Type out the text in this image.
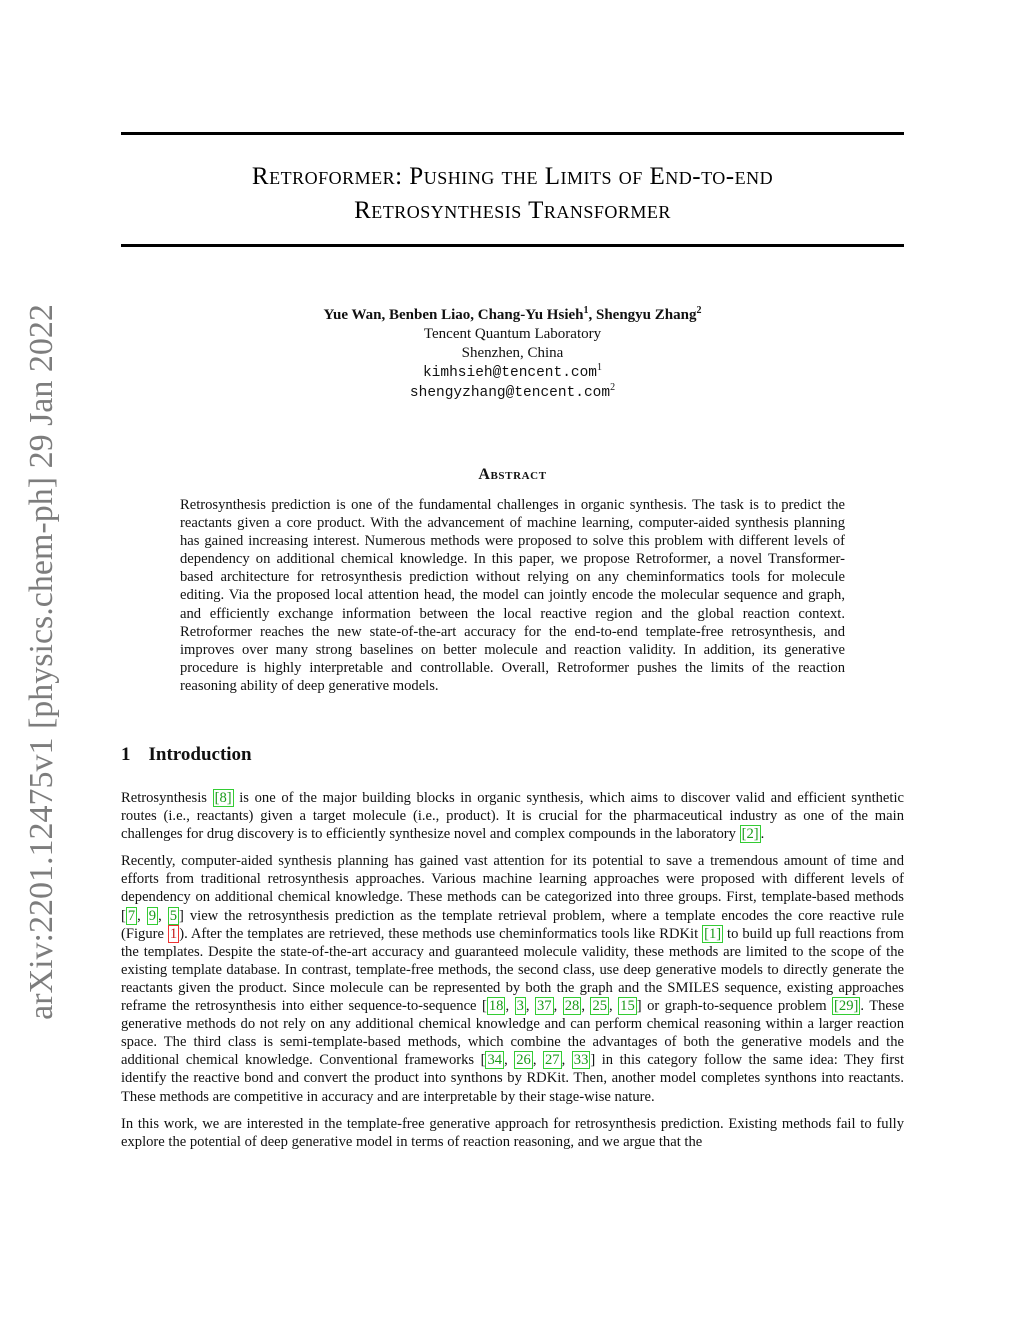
arXiv:2201.12475v1 [physics.chem-ph] 29 Jan 2022
Retroformer: Pushing the Limits of End-to-end
Retrosynthesis Transformer
Yue Wan, Benben Liao, Chang-Yu Hsieh$^1$, Shengyu Zhang$^2$
Tencent Quantum Laboratory
Shenzhen, China
kimhsieh@tencent.com$^1$
shengyzhang@tencent.com$^2$
Abstract
Retrosynthesis prediction is one of the fundamental challenges in organic synthesis. The task is to predict the reactants given a core product. With the advancement of machine learning, computer-aided synthesis planning has gained increasing interest. Numerous methods were proposed to solve this problem with different levels of dependency on additional chemical knowledge. In this paper, we propose Retroformer, a novel Transformer-based architecture for retrosynthesis prediction without relying on any cheminformatics tools for molecule editing. Via the proposed local attention head, the model can jointly encode the molecular sequence and graph, and efficiently exchange information between the local reactive region and the global reaction context. Retroformer reaches the new state-of-the-art accuracy for the end-to-end template-free retrosynthesis, and improves over many strong baselines on better molecule and reaction validity. In addition, its generative procedure is highly interpretable and controllable. Overall, Retroformer pushes the limits of the reaction reasoning ability of deep generative models.
1 Introduction

Retrosynthesis [8] is one of the major building blocks in organic synthesis, which aims to discover valid and efficient synthetic routes (i.e., reactants) given a target molecule (i.e., product). It is crucial for the pharmaceutical industry as one of the main challenges for drug discovery is to efficiently synthesize novel and complex compounds in the laboratory [2] .

Recently, computer-aided synthesis planning has gained vast attention for its potential to save a tremendous amount of time and efforts from traditional retrosynthesis approaches. Various machine learning approaches were proposed with different levels of dependency on additional chemical knowledge. These methods can be categorized into three groups. First, template-based methods [ 7 , 9 , 5 ] view the retrosynthesis prediction as the template retrieval problem, where a template encodes the core reactive rule (Figure 1 ). After the templates are retrieved, these methods use cheminformatics tools like RDKit [1] to build up full reactions from the templates. Despite the state-of-the-art accuracy and guaranteed molecule validity, these methods are limited to the scope of the existing template database. In contrast, template-free methods, the second class, use deep generative models to directly generate the reactants given the product. Since molecule can be represented by both the graph and the SMILES sequence, existing approaches reframe the retrosynthesis into either sequence-to-sequence [ 18 , 3 , 37 , 28 , 25 , 15 ] or graph-to-sequence problem [29] . These generative methods do not rely on any additional chemical knowledge and can perform chemical reasoning within a larger reaction space. The third class is semi-template-based methods, which combine the advantages of both the generative models and the additional chemical knowledge. Conventional frameworks [ 34 , 26 , 27 , 33 ] in this category follow the same idea: They first identify the reactive bond and convert the product into synthons by RDKit. Then, another model completes synthons into reactants. These methods are competitive in accuracy and are interpretable by their stage-wise nature.

In this work, we are interested in the template-free generative approach for retrosynthesis prediction. Existing methods fail to fully explore the potential of deep generative model in terms of reaction reasoning, and we argue that the
